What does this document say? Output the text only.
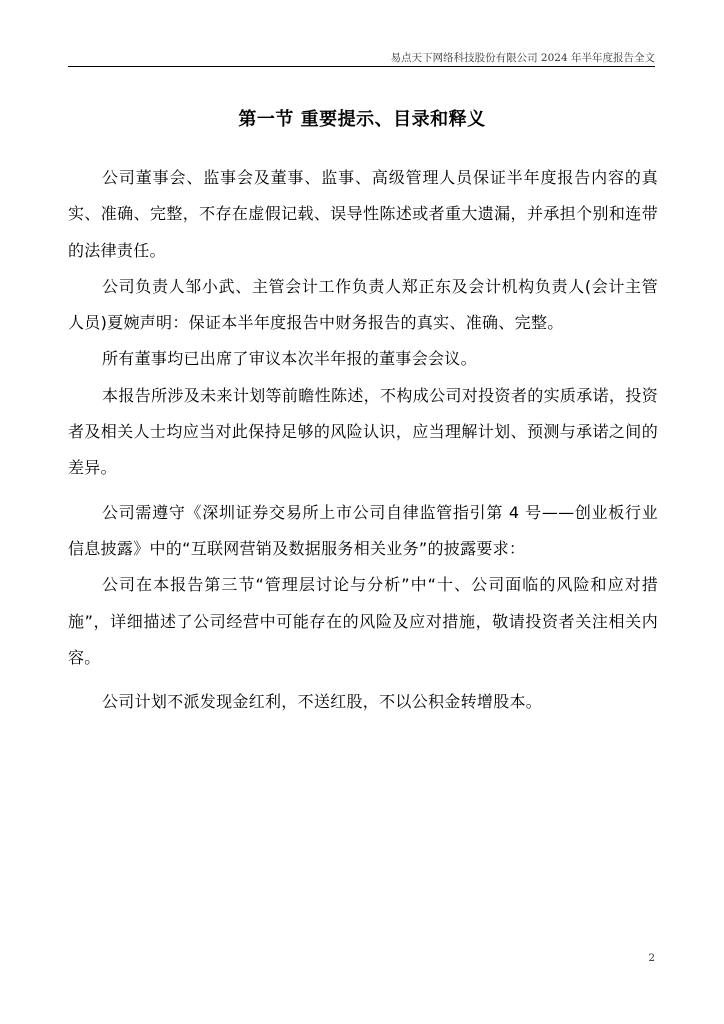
易点天下网络科技股份有限公司 2024 年半年度报告全文
第一节 重要提示、目录和释义

公司董事会、监事会及董事、监事、高级管理人员保证半年度报告内容的真实、准确、完整，不存在虚假记载、误导性陈述或者重大遗漏，并承担个别和连带的法律责任。

公司负责人邹小武、主管会计工作负责人郑正东及会计机构负责人(会计主管人员)夏婉声明：保证本半年度报告中财务报告的真实、准确、完整。

所有董事均已出席了审议本次半年报的董事会会议。

本报告所涉及未来计划等前瞻性陈述，不构成公司对投资者的实质承诺，投资者及相关人士均应当对此保持足够的风险认识，应当理解计划、预测与承诺之间的差异。

公司需遵守《深圳证券交易所上市公司自律监管指引第 4 号——创业板行业信息披露》中的“互联网营销及数据服务相关业务”的披露要求：

公司在本报告第三节“管理层讨论与分析”中“十、公司面临的风险和应对措施”，详细描述了公司经营中可能存在的风险及应对措施，敬请投资者关注相关内容。

公司计划不派发现金红利，不送红股，不以公积金转增股本。

2
